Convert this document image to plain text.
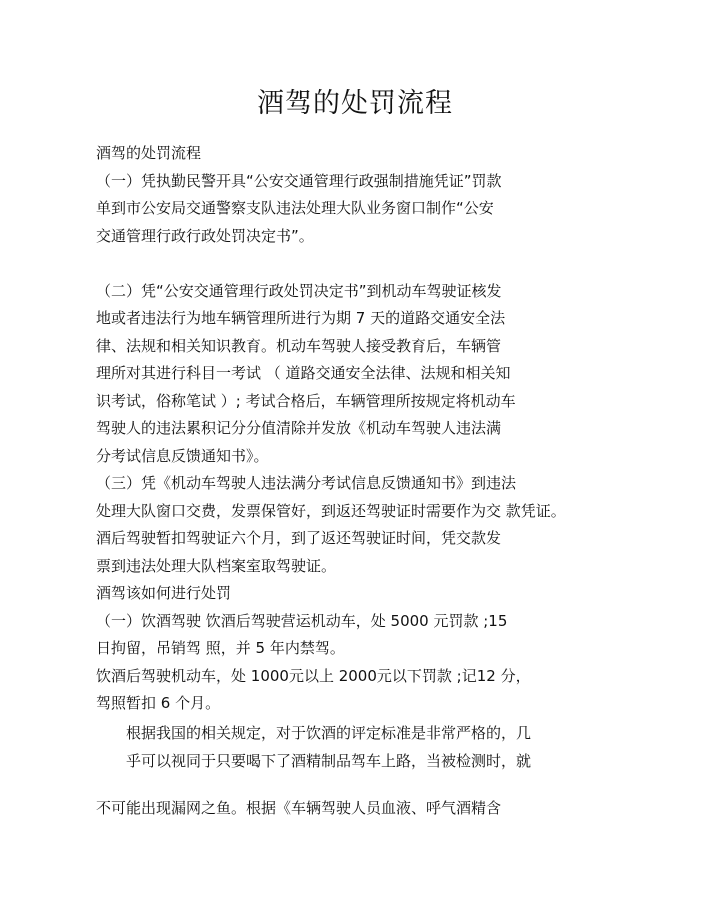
酒驾的处罚流程
酒驾的处罚流程
（一）凭执勤民警开具“公安交通管理行政强制措施凭证”罚款
单到市公安局交通警察支队违法处理大队业务窗口制作“公安
交通管理行政行政处罚决定书”。
（二）凭“公安交通管理行政处罚决定书”到机动车驾驶证核发
地或者违法行为地车辆管理所进行为期 7 天的道路交通安全法
律、法规和相关知识教育。机动车驾驶人接受教育后，车辆管
理所对其进行科目一考试 （ 道路交通安全法律、法规和相关知
识考试，俗称笔试 ）; 考试合格后，车辆管理所按规定将机动车
驾驶人的违法累积记分分值清除并发放《机动车驾驶人违法满
分考试信息反馈通知书》。
（三）凭《机动车驾驶人违法满分考试信息反馈通知书》到违法
处理大队窗口交费，发票保管好，到返还驾驶证时需要作为交 款凭证。
酒后驾驶暂扣驾驶证六个月，到了返还驾驶证时间，凭交款发
票到违法处理大队档案室取驾驶证。
酒驾该如何进行处罚
（一）饮酒驾驶 饮酒后驾驶营运机动车，处 5000 元罚款 ;15
日拘留，吊销驾 照，并 5 年内禁驾。
饮酒后驾驶机动车，处 1000元以上 2000元以下罚款 ;记12 分，
驾照暂扣 6 个月。
根据我国的相关规定，对于饮酒的评定标准是非常严格的，几
乎可以视同于只要喝下了酒精制品驾车上路，当被检测时，就
不可能出现漏网之鱼。根据《车辆驾驶人员血液、呼气酒精含
